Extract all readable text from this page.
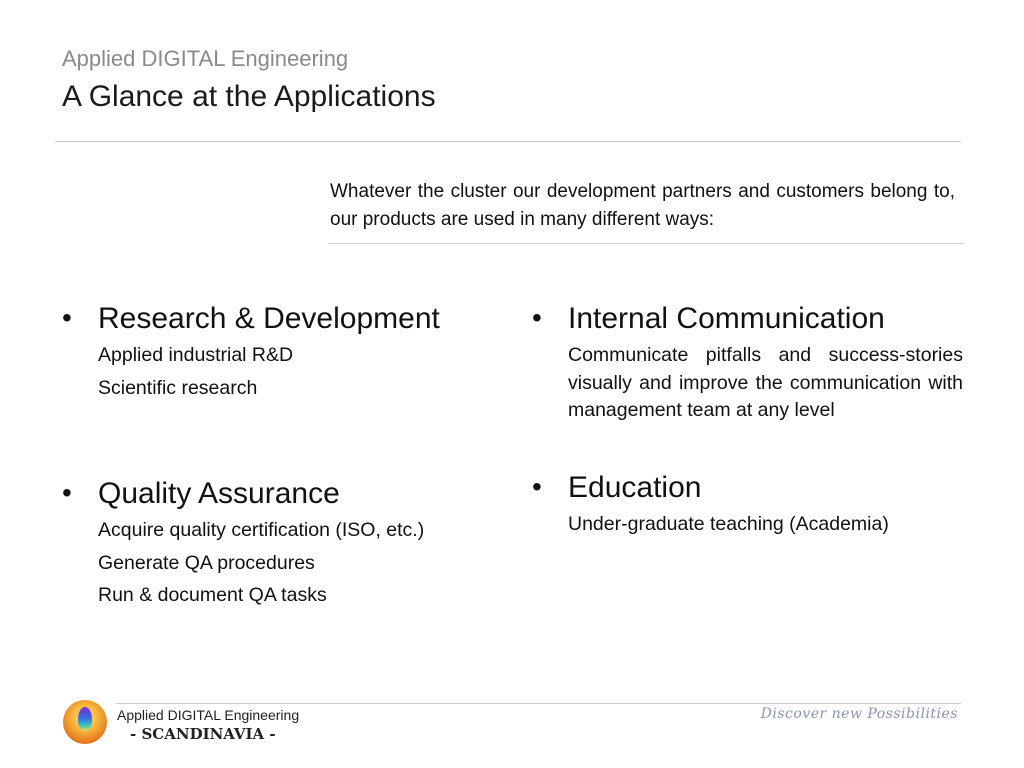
Applied DIGITAL Engineering
A Glance at the Applications
Whatever the cluster our development partners and customers belong to, our products are used in many different ways:
• Research & Development
Applied industrial R&D
Scientific research
• Quality Assurance
Acquire quality certification (ISO, etc.)
Generate QA procedures
Run & document QA tasks
• Internal Communication
Communicate pitfalls and success-stories visually and improve the communication with management team at any level
• Education
Under-graduate teaching (Academia)
Applied DIGITAL Engineering
- SCANDINAVIA -
Discover new Possibilities
